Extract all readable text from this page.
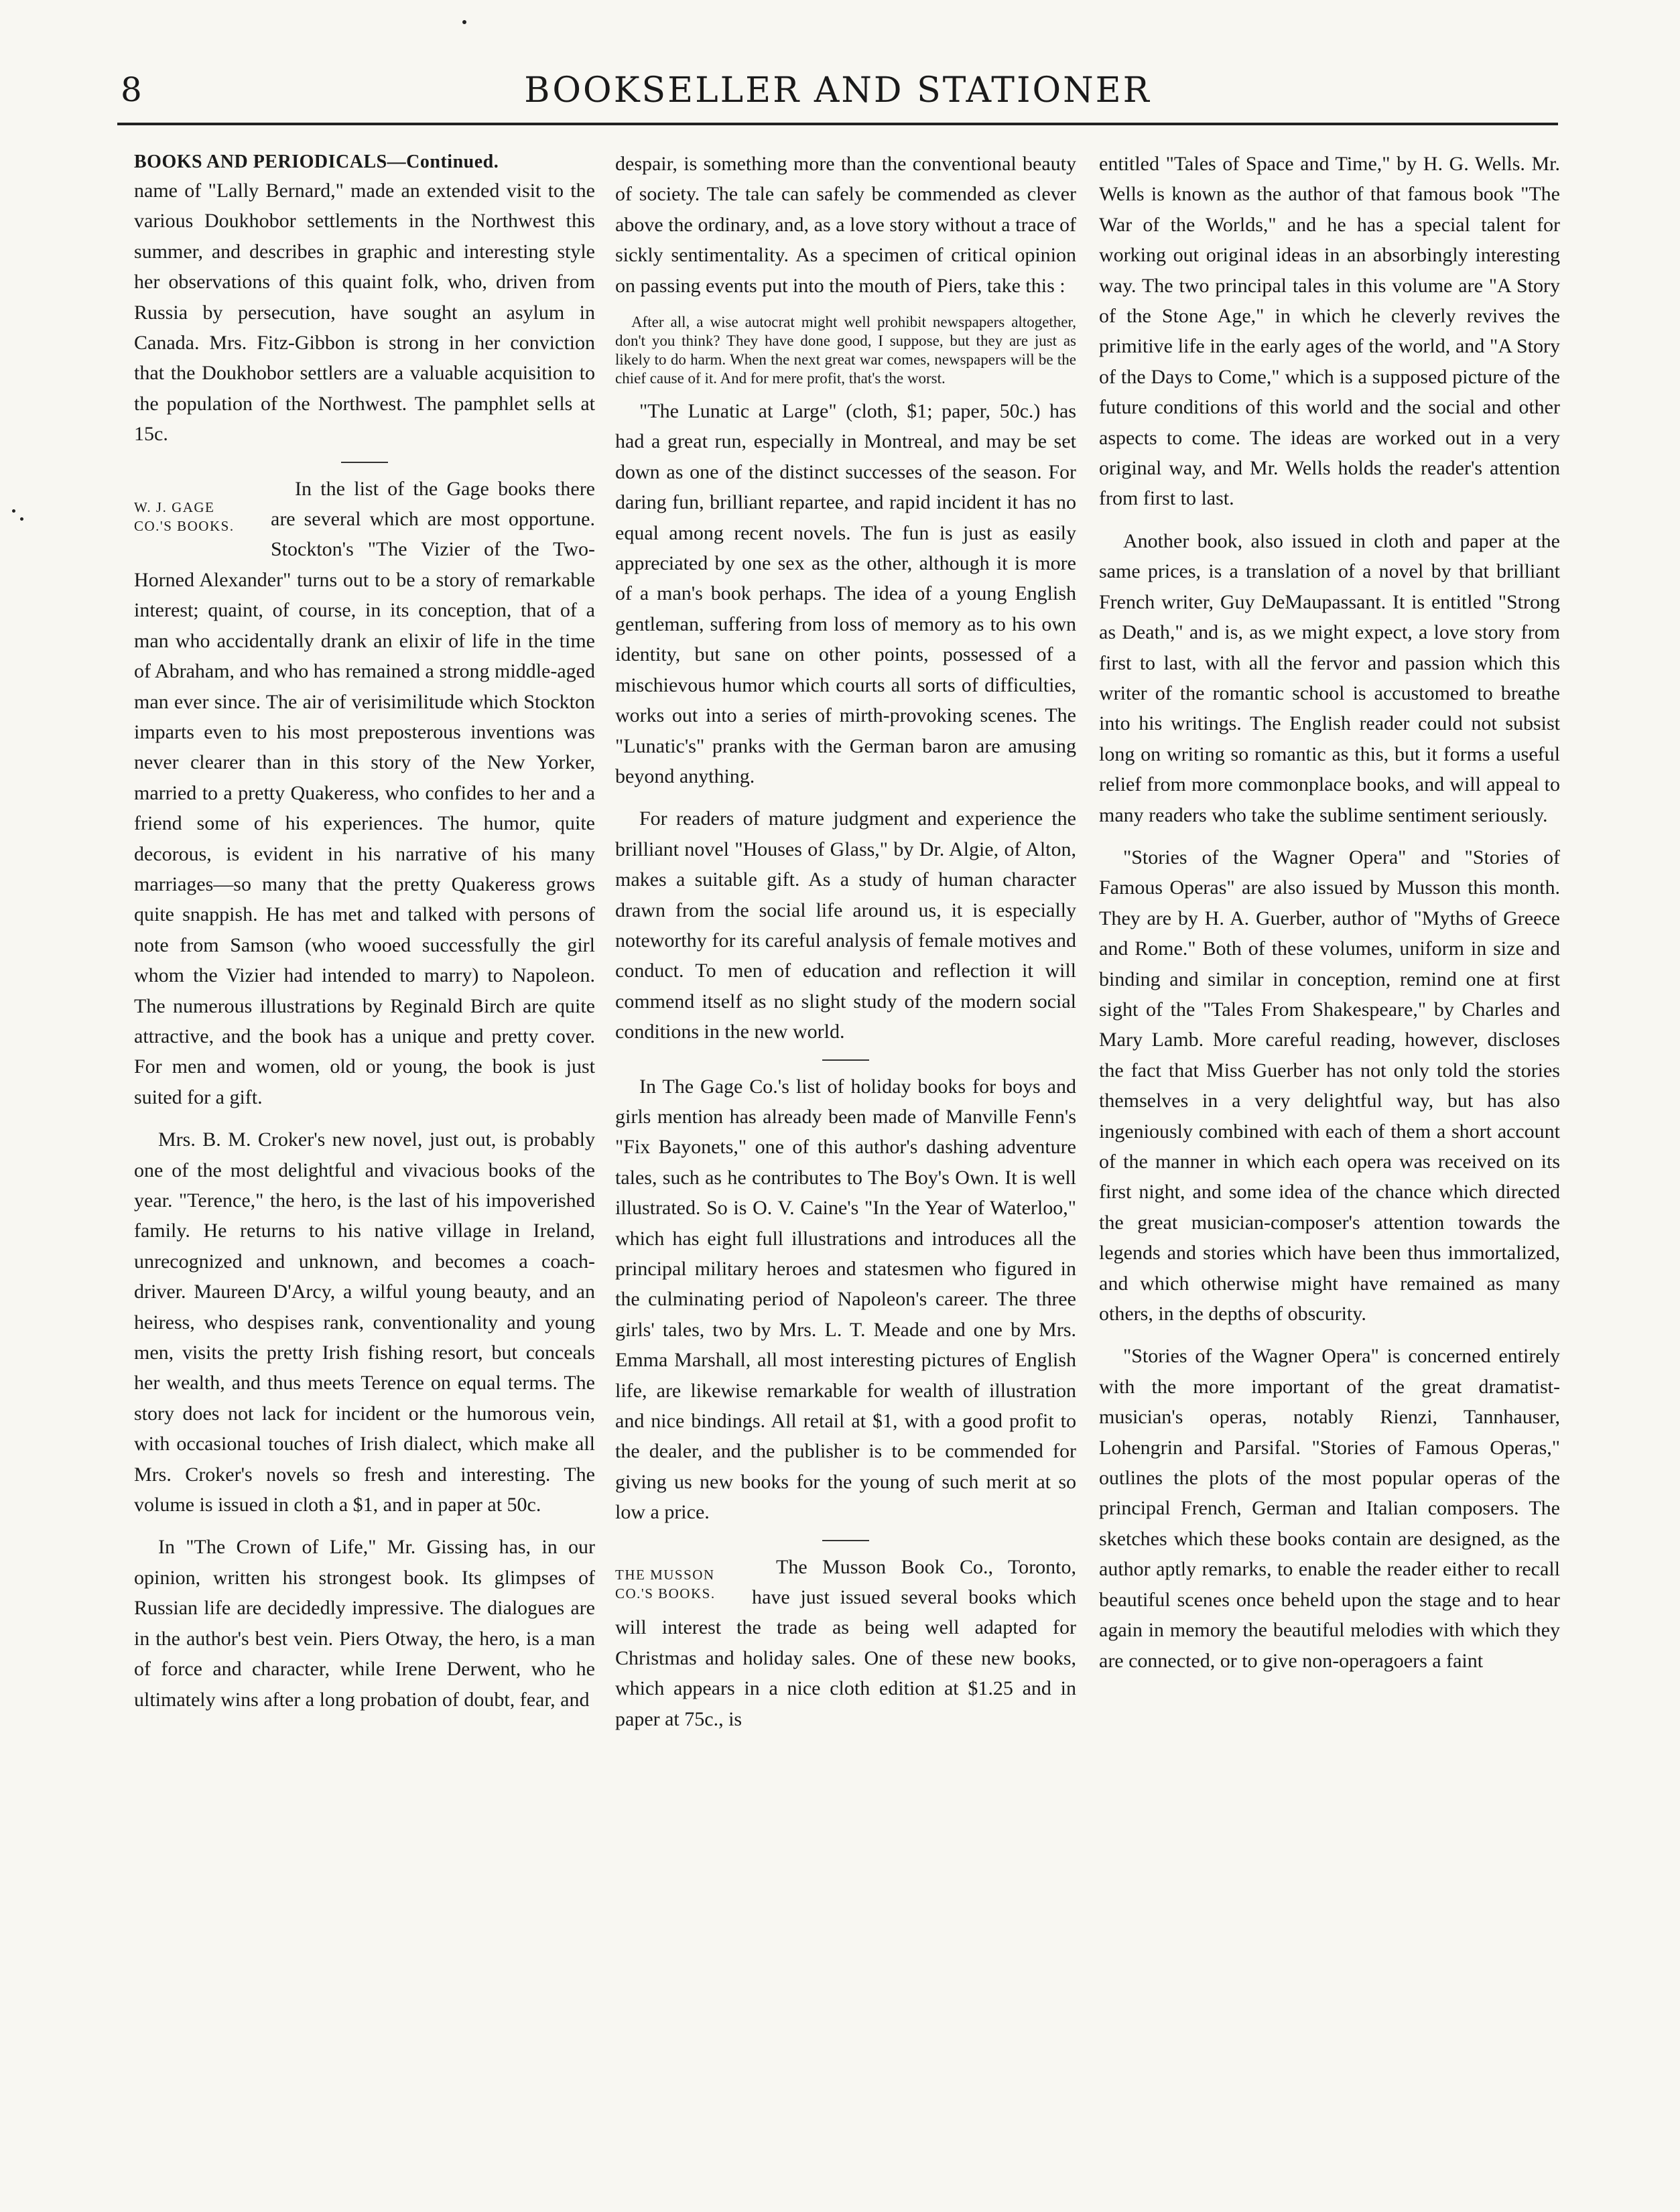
8	BOOKSELLER AND STATIONER
BOOKS AND PERIODICALS—Continued.

name of "Lally Bernard," made an extended visit to the various Doukhobor settlements in the Northwest this summer, and describes in graphic and interesting style her observations of this quaint folk, who, driven from Russia by persecution, have sought an asylum in Canada. Mrs. Fitz-Gibbon is strong in her conviction that the Doukhobor settlers are a valuable acquisition to the population of the Northwest. The pamphlet sells at 15c.

W. J. GAGE
CO.'S BOOKS.

In the list of the Gage books there are several which are most opportune. Stockton's "The Vizier of the Two-Horned Alexander" turns out to be a story of remarkable interest; quaint, of course, in its conception, that of a man who accidentally drank an elixir of life in the time of Abraham, and who has remained a strong middle-aged man ever since. The air of verisimilitude which Stockton imparts even to his most preposterous inventions was never clearer than in this story of the New Yorker, married to a pretty Quakeress, who confides to her and a friend some of his experiences. The humor, quite decorous, is evident in his narrative of his many marriages—so many that the pretty Quakeress grows quite snappish. He has met and talked with persons of note from Samson (who wooed successfully the girl whom the Vizier had intended to marry) to Napoleon. The numerous illustrations by Reginald Birch are quite attractive, and the book has a unique and pretty cover. For men and women, old or young, the book is just suited for a gift.

Mrs. B. M. Croker's new novel, just out, is probably one of the most delightful and vivacious books of the year. "Terence," the hero, is the last of his impoverished family. He returns to his native village in Ireland, unrecognized and unknown, and becomes a coach-driver. Maureen D'Arcy, a wilful young beauty, and an heiress, who despises rank, conventionality and young men, visits the pretty Irish fishing resort, but conceals her wealth, and thus meets Terence on equal terms. The story does not lack for incident or the humorous vein, with occasional touches of Irish dialect, which make all Mrs. Croker's novels so fresh and interesting. The volume is issued in cloth a $1, and in paper at 50c.

In "The Crown of Life," Mr. Gissing has, in our opinion, written his strongest book. Its glimpses of Russian life are decidedly impressive. The dialogues are in the author's best vein. Piers Otway, the hero, is a man of force and character, while Irene Derwent, who he ultimately wins after a long probation of doubt, fear, and

despair, is something more than the conventional beauty of society. The tale can safely be commended as clever above the ordinary, and, as a love story without a trace of sickly sentimentality. As a specimen of critical opinion on passing events put into the mouth of Piers, take this :

After all, a wise autocrat might well prohibit newspapers altogether, don't you think? They have done good, I suppose, but they are just as likely to do harm. When the next great war comes, newspapers will be the chief cause of it. And for mere profit, that's the worst.

"The Lunatic at Large" (cloth, $1; paper, 50c.) has had a great run, especially in Montreal, and may be set down as one of the distinct successes of the season. For daring fun, brilliant repartee, and rapid incident it has no equal among recent novels. The fun is just as easily appreciated by one sex as the other, although it is more of a man's book perhaps. The idea of a young English gentleman, suffering from loss of memory as to his own identity, but sane on other points, possessed of a mischievous humor which courts all sorts of difficulties, works out into a series of mirth-provoking scenes. The "Lunatic's" pranks with the German baron are amusing beyond anything.

For readers of mature judgment and experience the brilliant novel "Houses of Glass," by Dr. Algie, of Alton, makes a suitable gift. As a study of human character drawn from the social life around us, it is especially noteworthy for its careful analysis of female motives and conduct. To men of education and reflection it will commend itself as no slight study of the modern social conditions in the new world.

In The Gage Co.'s list of holiday books for boys and girls mention has already been made of Manville Fenn's "Fix Bayonets," one of this author's dashing adventure tales, such as he contributes to The Boy's Own. It is well illustrated. So is O. V. Caine's "In the Year of Waterloo," which has eight full illustrations and introduces all the principal military heroes and statesmen who figured in the culminating period of Napoleon's career. The three girls' tales, two by Mrs. L. T. Meade and one by Mrs. Emma Marshall, all most interesting pictures of English life, are likewise remarkable for wealth of illustration and nice bindings. All retail at $1, with a good profit to the dealer, and the publisher is to be commended for giving us new books for the young of such merit at so low a price.

THE MUSSON
CO.'S BOOKS.

The Musson Book Co., Toronto, have just issued several books which will interest the trade as being well adapted for Christmas and holiday sales. One of these new books, which appears in a nice cloth edition at $1.25 and in paper at 75c., is

entitled "Tales of Space and Time," by H. G. Wells. Mr. Wells is known as the author of that famous book "The War of the Worlds," and he has a special talent for working out original ideas in an absorbingly interesting way. The two principal tales in this volume are "A Story of the Stone Age," in which he cleverly revives the primitive life in the early ages of the world, and "A Story of the Days to Come," which is a supposed picture of the future conditions of this world and the social and other aspects to come. The ideas are worked out in a very original way, and Mr. Wells holds the reader's attention from first to last.

Another book, also issued in cloth and paper at the same prices, is a translation of a novel by that brilliant French writer, Guy DeMaupassant. It is entitled "Strong as Death," and is, as we might expect, a love story from first to last, with all the fervor and passion which this writer of the romantic school is accustomed to breathe into his writings. The English reader could not subsist long on writing so romantic as this, but it forms a useful relief from more commonplace books, and will appeal to many readers who take the sublime sentiment seriously.

"Stories of the Wagner Opera" and "Stories of Famous Operas" are also issued by Musson this month. They are by H. A. Guerber, author of "Myths of Greece and Rome." Both of these volumes, uniform in size and binding and similar in conception, remind one at first sight of the "Tales From Shakespeare," by Charles and Mary Lamb. More careful reading, however, discloses the fact that Miss Guerber has not only told the stories themselves in a very delightful way, but has also ingeniously combined with each of them a short account of the manner in which each opera was received on its first night, and some idea of the chance which directed the great musician-composer's attention towards the legends and stories which have been thus immortalized, and which otherwise might have remained as many others, in the depths of obscurity.

"Stories of the Wagner Opera" is concerned entirely with the more important of the great dramatist-musician's operas, notably Rienzi, Tannhauser, Lohengrin and Parsifal. "Stories of Famous Operas," outlines the plots of the most popular operas of the principal French, German and Italian composers. The sketches which these books contain are designed, as the author aptly remarks, to enable the reader either to recall beautiful scenes once beheld upon the stage and to hear again in memory the beautiful melodies with which they are connected, or to give non-operagoers a faint
